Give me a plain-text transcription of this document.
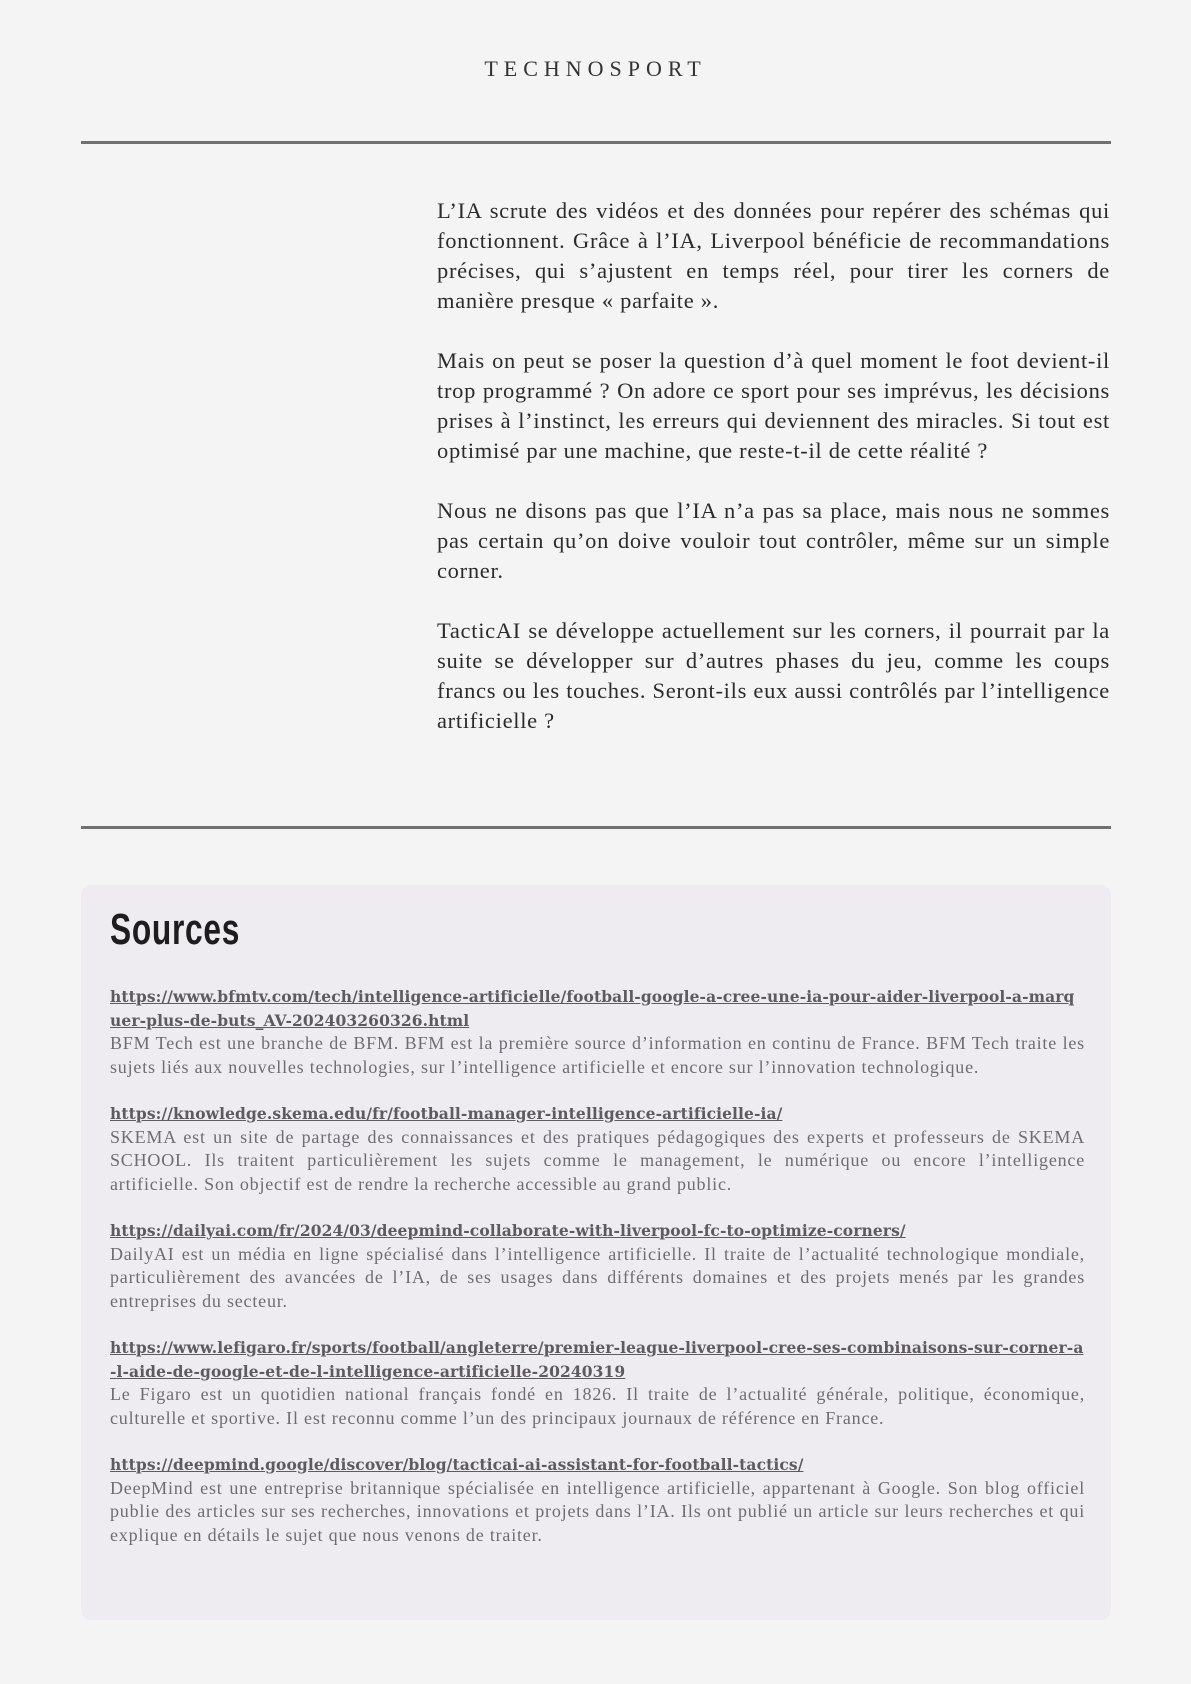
TECHNOSPORT

L’IA scrute des vidéos et des données pour repérer des schémas qui fonctionnent. Grâce à l’IA, Liverpool bénéficie de recommandations précises, qui s’ajustent en temps réel, pour tirer les corners de manière presque « parfaite ».

Mais on peut se poser la question d’à quel moment le foot devient-il trop programmé ? On adore ce sport pour ses imprévus, les décisions prises à l’instinct, les erreurs qui deviennent des miracles. Si tout est optimisé par une machine, que reste-t-il de cette réalité ?

Nous ne disons pas que l’IA n’a pas sa place, mais nous ne sommes pas certain qu’on doive vouloir tout contrôler, même sur un simple corner.

TacticAI se développe actuellement sur les corners, il pourrait par la suite se développer sur d’autres phases du jeu, comme les coups francs ou les touches. Seront-ils eux aussi contrôlés par l’intelligence artificielle ?

Sources
https://www.bfmtv.com/tech/intelligence-artificielle/football-google-a-cree-une-ia-pour-aider-liverpool-a-marquer-plus-de-buts_AV-202403260326.html
BFM Tech est une branche de BFM. BFM est la première source d’information en continu de France. BFM Tech traite les sujets liés aux nouvelles technologies, sur l’intelligence artificielle et encore sur l’innovation technologique.
https://knowledge.skema.edu/fr/football-manager-intelligence-artificielle-ia/
SKEMA est un site de partage des connaissances et des pratiques pédagogiques des experts et professeurs de SKEMA SCHOOL. Ils traitent particulièrement les sujets comme le management, le numérique ou encore l’intelligence artificielle. Son objectif est de rendre la recherche accessible au grand public.
https://dailyai.com/fr/2024/03/deepmind-collaborate-with-liverpool-fc-to-optimize-corners/
DailyAI est un média en ligne spécialisé dans l’intelligence artificielle. Il traite de l’actualité technologique mondiale, particulièrement des avancées de l’IA, de ses usages dans différents domaines et des projets menés par les grandes entreprises du secteur.
https://www.lefigaro.fr/sports/football/angleterre/premier-league-liverpool-cree-ses-combinaisons-sur-corner-a-l-aide-de-google-et-de-l-intelligence-artificielle-20240319
Le Figaro est un quotidien national français fondé en 1826. Il traite de l’actualité générale, politique, économique, culturelle et sportive. Il est reconnu comme l’un des principaux journaux de référence en France.
https://deepmind.google/discover/blog/tacticai-ai-assistant-for-football-tactics/
DeepMind est une entreprise britannique spécialisée en intelligence artificielle, appartenant à Google. Son blog officiel publie des articles sur ses recherches, innovations et projets dans l’IA. Ils ont publié un article sur leurs recherches et qui explique en détails le sujet que nous venons de traiter.
